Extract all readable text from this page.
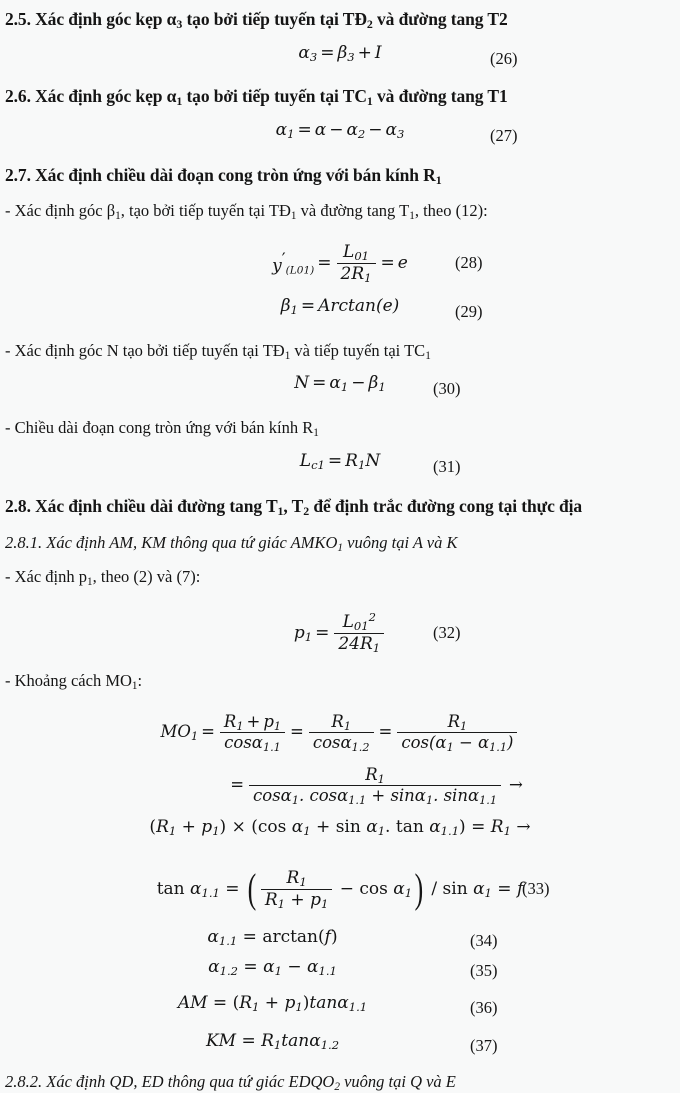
2.5. Xác định góc kẹp $\alpha_3$ tạo bởi tiếp tuyến tại $TĐ_2$ và đường tang T2
$\alpha_3 = \beta_3 + I$	(26)
2.6. Xác định góc kẹp $\alpha_1$ tạo bởi tiếp tuyến tại $TC_1$ và đường tang T1
$\alpha_1 = \alpha - \alpha_2 - \alpha_3$	(27)
2.7. Xác định chiều dài đoạn cong tròn ứng với bán kính $R_1$
- Xác định góc $\beta_1$, tạo bởi tiếp tuyến tại $TĐ_1$ và đường tang $T_1$, theo (12):
$y'_{(L01)} = \frac{L_{01}}{2R_1} = e$	(28)
$\beta_1 = Arctan(e)$	(29)
- Xác định góc N tạo bởi tiếp tuyến tại $TĐ_1$ và tiếp tuyến tại $TC_1$
$N = \alpha_1 - \beta_1$	(30)
- Chiều dài đoạn cong tròn ứng với bán kính $R_1$
$L_{c1} = R_1N$	(31)
2.8. Xác định chiều dài đường tang $T_1$, $T_2$ để định trắc đường cong tại thực địa
2.8.1. Xác định AM, KM thông qua tứ giác $AMKO_1$ vuông tại A và K
- Xác định $p_1$, theo (2) và (7):
$p_1 = \frac{L_{01}^2}{24R_1}$	(32)
- Khoảng cách $MO_1$:
$MO_1 = \frac{R_1 + p_1}{\cos\alpha_{1.1}} = \frac{R_1}{\cos\alpha_{1.2}} = \frac{R_1}{\cos(\alpha_1 - \alpha_{1.1})}$
= $\frac{R_1}{\cos\alpha_1. \cos\alpha_{1.1} + \sin\alpha_1. \sin\alpha_{1.1}}$ →
$(R_1 + p_1) \times (\cos$ $\alpha_1 + \sin \alpha_1$. $\tan \alpha_{1.1}) = R_1$ →
$\tan \alpha_{1.1}$ = ( $\frac{R_1}{R_1 + p_1} - \cos \alpha_1) / \sin \alpha_1 = f$
(33)
$\alpha_{1.1} = \arctan(f)$	(34)
$\alpha_{1.2} = \alpha_1 - \alpha_{1.1}$	(35)
AM = $(R_1 + p_1)\tan\alpha_{1.1}$	(36)
KM = $R_1\tan\alpha_{1.2}$	(37)
2.8.2. Xác định QD, ED thông qua tứ giác $EDQO_2$ vuông tại Q và E
